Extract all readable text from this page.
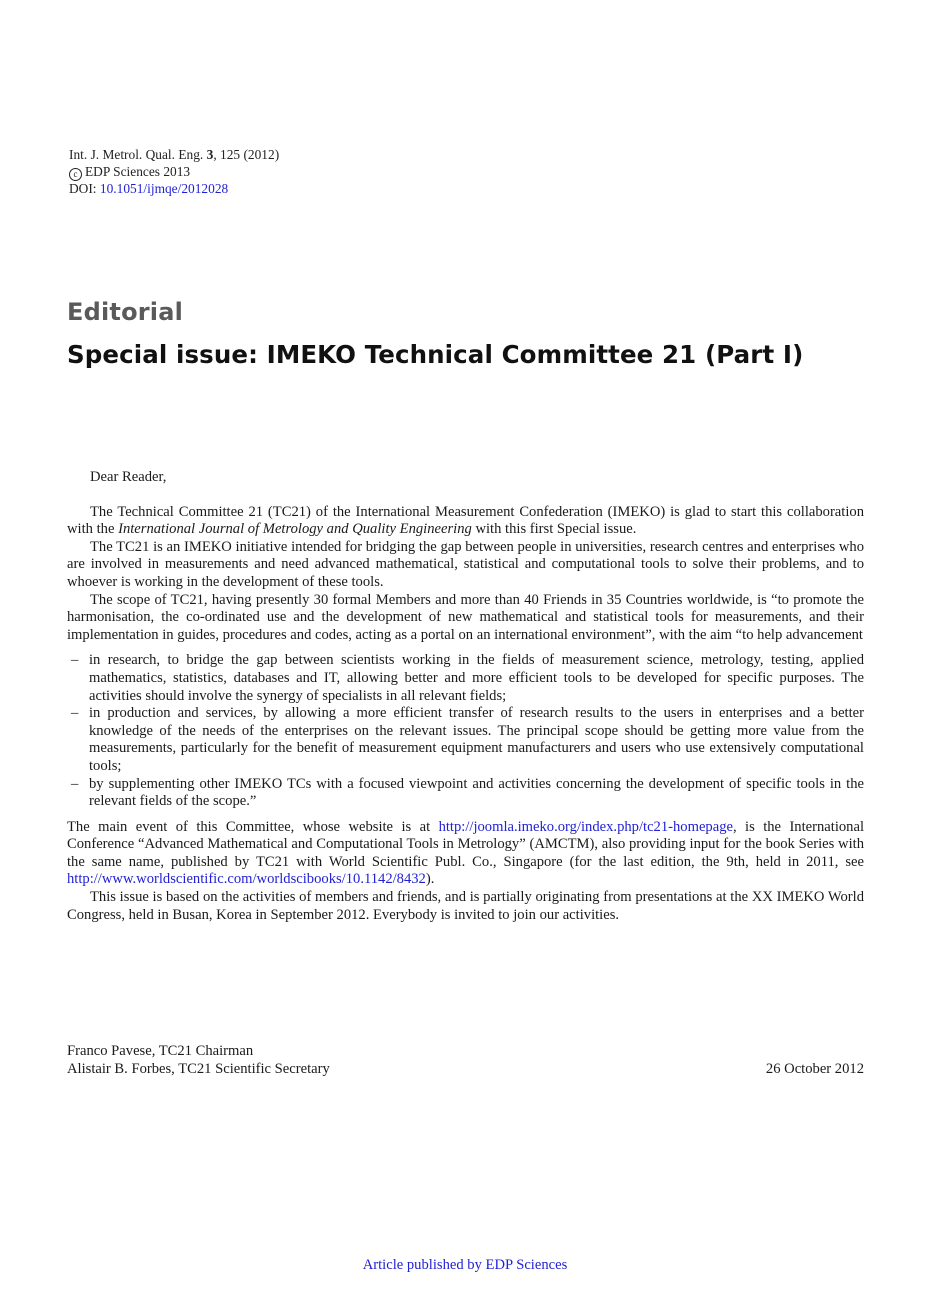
Int. J. Metrol. Qual. Eng. 3, 125 (2012)
c EDP Sciences 2013
DOI: 10.1051/ijmqe/2012028
Editorial
Special issue: IMEKO Technical Committee 21 (Part I)

Dear Reader,

The Technical Committee 21 (TC21) of the International Measurement Confederation (IMEKO) is glad to start this collaboration with the International Journal of Metrology and Quality Engineering with this first Special issue.

The TC21 is an IMEKO initiative intended for bridging the gap between people in universities, research centres and enterprises who are involved in measurements and need advanced mathematical, statistical and computational tools to solve their problems, and to whoever is working in the development of these tools.

The scope of TC21, having presently 30 formal Members and more than 40 Friends in 35 Countries worldwide, is “to promote the harmonisation, the co-ordinated use and the development of new mathematical and statistical tools for measurements, and their implementation in guides, procedures and codes, acting as a portal on an international environment”, with the aim “to help advancement

– in research, to bridge the gap between scientists working in the fields of measurement science, metrology, testing, applied mathematics, statistics, databases and IT, allowing better and more efficient tools to be developed for specific purposes. The activities should involve the synergy of specialists in all relevant fields;
– in production and services, by allowing a more efficient transfer of research results to the users in enterprises and a better knowledge of the needs of the enterprises on the relevant issues. The principal scope should be getting more value from the measurements, particularly for the benefit of measurement equipment manufacturers and users who use extensively computational tools;
– by supplementing other IMEKO TCs with a focused viewpoint and activities concerning the development of specific tools in the relevant fields of the scope.”

The main event of this Committee, whose website is at http://joomla.imeko.org/index.php/tc21-homepage, is the International Conference “Advanced Mathematical and Computational Tools in Metrology” (AMCTM), also providing input for the book Series with the same name, published by TC21 with World Scientific Publ. Co., Singapore (for the last edition, the 9th, held in 2011, see http://www.worldscientific.com/worldscibooks/10.1142/8432).

This issue is based on the activities of members and friends, and is partially originating from presentations at the XX IMEKO World Congress, held in Busan, Korea in September 2012. Everybody is invited to join our activities.

Franco Pavese, TC21 Chairman
Alistair B. Forbes, TC21 Scientific Secretary	26 October 2012
Article published by EDP Sciences
